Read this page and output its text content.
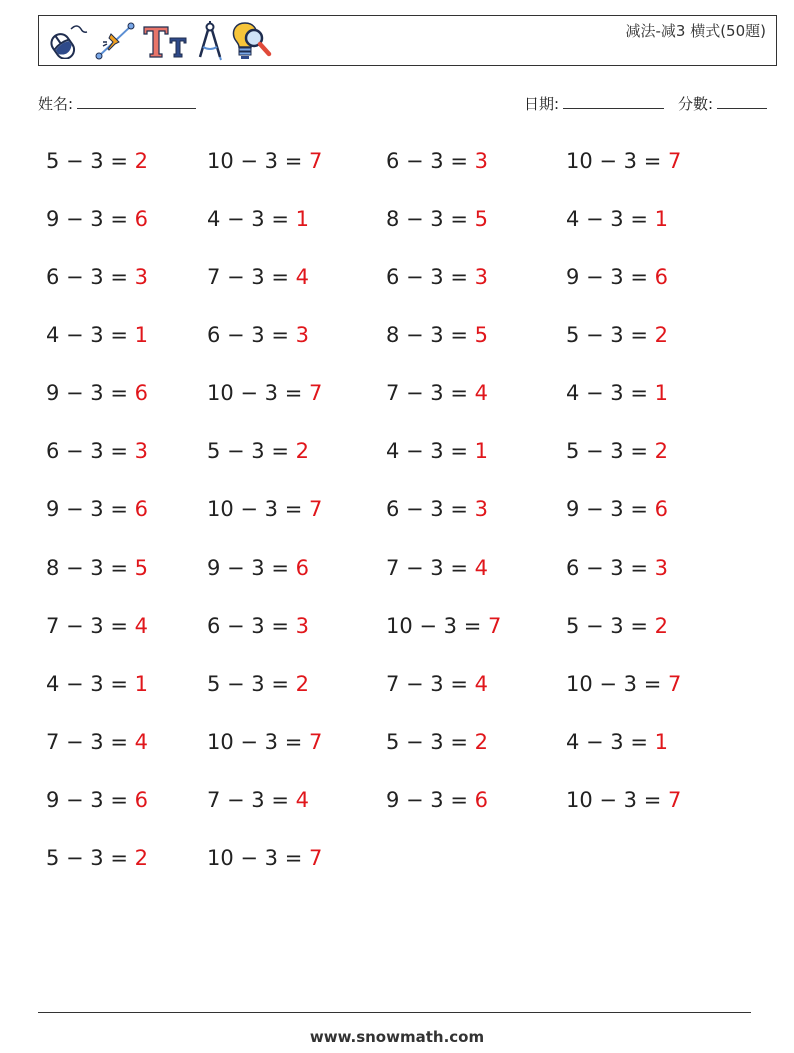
减法-减3 横式(50題)
姓名:	日期:	分數:
5 − 3 = 2	10 − 3 = 7	6 − 3 = 3	10 − 3 = 7
9 − 3 = 6	4 − 3 = 1	8 − 3 = 5	4 − 3 = 1
6 − 3 = 3	7 − 3 = 4	6 − 3 = 3	9 − 3 = 6
4 − 3 = 1	6 − 3 = 3	8 − 3 = 5	5 − 3 = 2
9 − 3 = 6	10 − 3 = 7	7 − 3 = 4	4 − 3 = 1
6 − 3 = 3	5 − 3 = 2	4 − 3 = 1	5 − 3 = 2
9 − 3 = 6	10 − 3 = 7	6 − 3 = 3	9 − 3 = 6
8 − 3 = 5	9 − 3 = 6	7 − 3 = 4	6 − 3 = 3
7 − 3 = 4	6 − 3 = 3	10 − 3 = 7	5 − 3 = 2
4 − 3 = 1	5 − 3 = 2	7 − 3 = 4	10 − 3 = 7
7 − 3 = 4	10 − 3 = 7	5 − 3 = 2	4 − 3 = 1
9 − 3 = 6	7 − 3 = 4	9 − 3 = 6	10 − 3 = 7
5 − 3 = 2	10 − 3 = 7
www.snowmath.com
